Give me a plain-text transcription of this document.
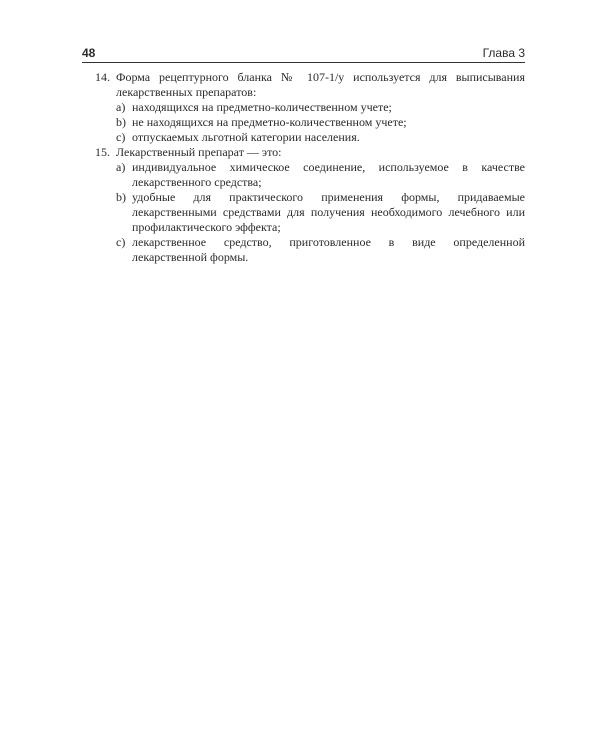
48	Глава 3
14. Форма рецептурного бланка № 107-1/у используется для выписывания лекарственных препаратов:
a) находящихся на предметно-количественном учете;
b) не находящихся на предметно-количественном учете;
c) отпускаемых льготной категории населения.
15. Лекарственный препарат — это:
a) индивидуальное химическое соединение, используемое в качестве лекарственного средства;
b) удобные для практического применения формы, придаваемые лекарственными средствами для получения необходимого лечебного или профилактического эффекта;
c) лекарственное средство, приготовленное в виде определенной лекарственной формы.
